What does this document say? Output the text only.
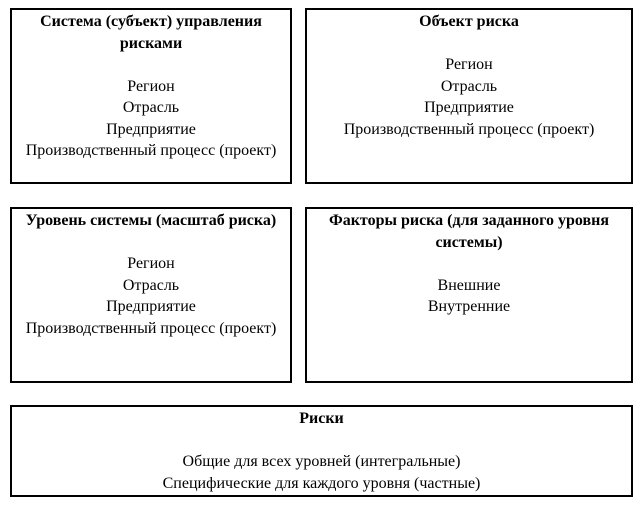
Система (субъект) управления рисками

Регион

Отрасль

Предприятие

Производственный процесс (проект)

Объект риска

Регион

Отрасль

Предприятие

Производственный процесс (проект)

Уровень системы (масштаб риска)

Регион

Отрасль

Предприятие

Производственный процесс (проект)

Факторы риска (для заданного уровня системы)

Внешние

Внутренние

Риски

Общие для всех уровней (интегральные)

Специфические для каждого уровня (частные)
